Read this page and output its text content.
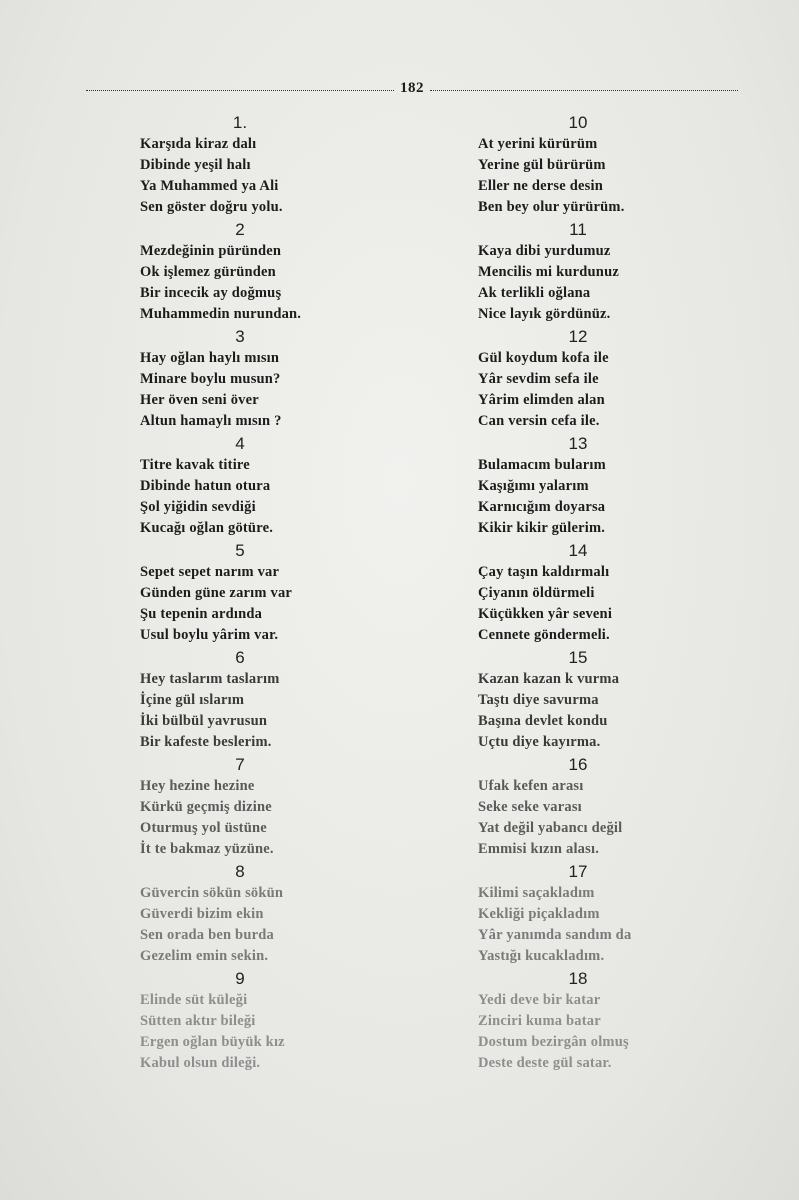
182
1.
Karşıda kiraz dalı
Dibinde yeşil halı
Ya Muhammed ya Ali
Sen göster doğru yolu.
2
Mezdeğinin püründen
Ok işlemez güründen
Bir incecik ay doğmuş
Muhammedin nurundan.
3
Hay oğlan haylı mısın
Minare boylu musun?
Her öven seni över
Altun hamaylı mısın ?
4
Titre kavak titire
Dibinde hatun otura
Şol yiğidin sevdiği
Kucağı oğlan götüre.
5
Sepet sepet narım var
Günden güne zarım var
Şu tepenin ardında
Usul boylu yârim var.
6
Hey taslarım taslarım
İçine gül ıslarım
İki bülbül yavrusun
Bir kafeste beslerim.
7
Hey hezine hezine
Kürkü geçmiş dizine
Oturmuş yol üstüne
İt te bakmaz yüzüne.
8
Güvercin sökün sökün
Güverdi bizim ekin
Sen orada ben burda
Gezelim emin sekin.
9
Elinde süt küleği
Sütten aktır bileği
Ergen oğlan büyük kız
Kabul olsun dileği.
10
At yerini kürürüm
Yerine gül bürürüm
Eller ne derse desin
Ben bey olur yürürüm.
11
Kaya dibi yurdumuz
Mencilis mi kurdunuz
Ak terlikli oğlana
Nice layık gördünüz.
12
Gül koydum kofa ile
Yâr sevdim sefa ile
Yârim elimden alan
Can versin cefa ile.
13
Bulamacım bularım
Kaşığımı yalarım
Karnıcığım doyarsa
Kikir kikir gülerim.
14
Çay taşın kaldırmalı
Çiyanın öldürmeli
Küçükken yâr seveni
Cennete göndermeli.
15
Kazan kazan k vurma
Taştı diye savurma
Başına devlet kondu
Uçtu diye kayırma.
16
Ufak kefen arası
Seke seke varası
Yat değil yabancı değil
Emmisi kızın alası.
17
Kilimi saçakladım
Kekliği piçakladım
Yâr yanımda sandım da
Yastığı kucakladım.
18
Yedi deve bir katar
Zinciri kuma batar
Dostum bezirgân olmuş
Deste deste gül satar.
